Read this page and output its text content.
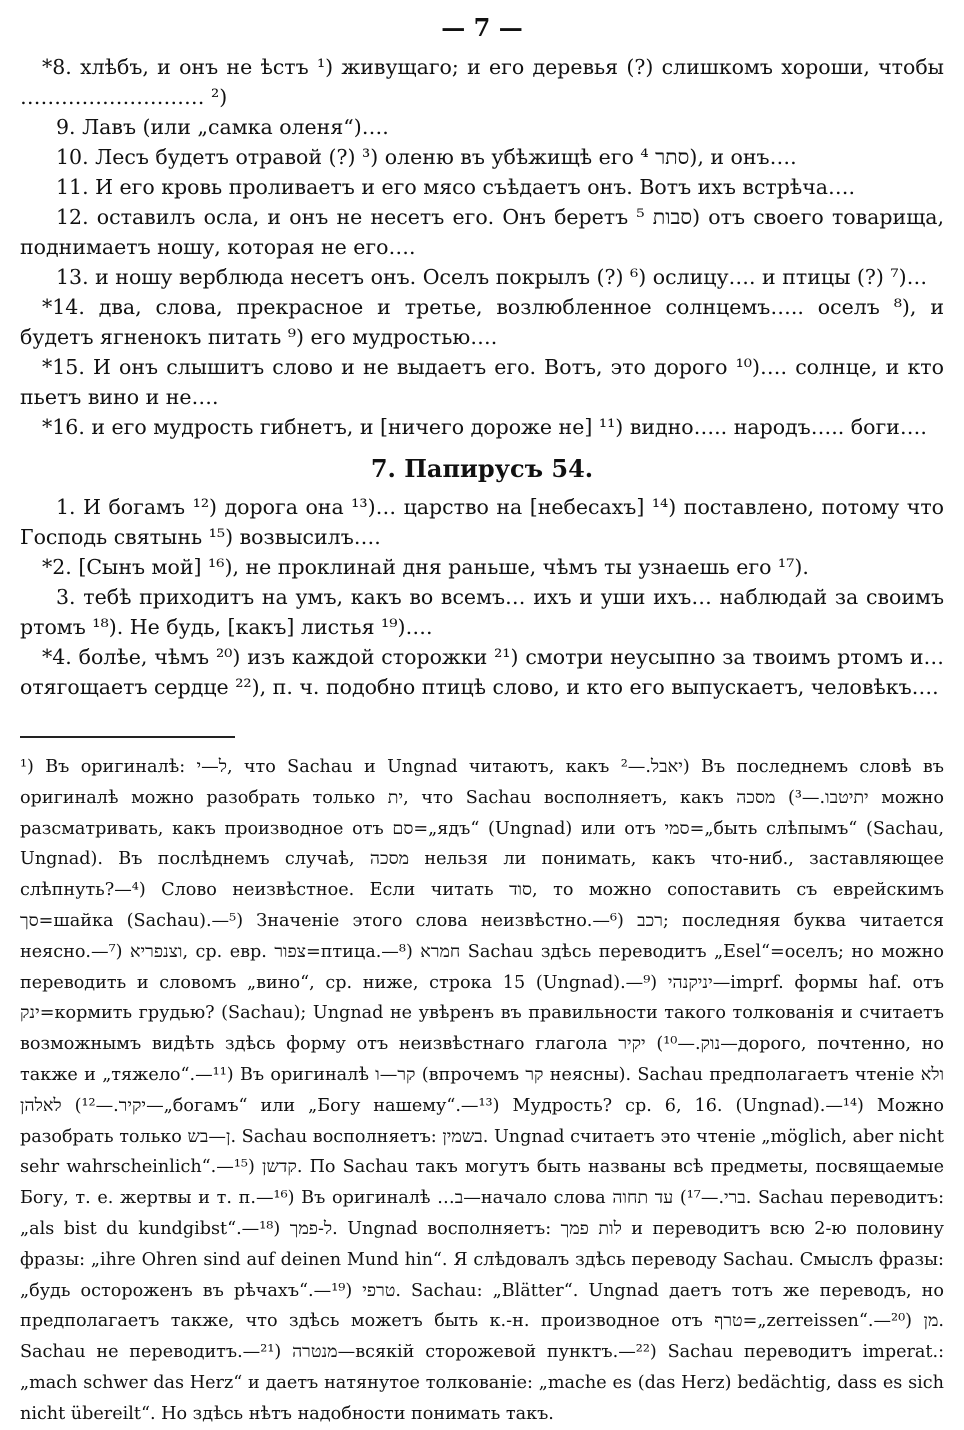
— 7 —

*8. хлѣбъ, и онъ не ѣстъ ¹) живущаго; и его деревья (?) слишкомъ хороши, чтобы ……………………… ²)

9. Лавъ (или „самка оленя“)….

10. Лесъ будетъ отравой (?) ³) оленю въ убѣжищѣ его סתר ⁴), и онъ….

11. И его кровь проливаетъ и его мясо съѣдаетъ онъ. Вотъ ихъ встрѣча….

12. оставилъ осла, и онъ не несетъ его. Онъ беретъ סבות ⁵) отъ своего товарища, поднимаетъ ношу, которая не его….

13. и ношу верблюда несетъ онъ. Оселъ покрылъ (?) ⁶) ослицу…. и птицы (?) ⁷)…

*14. два, слова, прекрасное и третье, возлюбленное солнцемъ….. оселъ ⁸), и будетъ ягненокъ питать ⁹) его мудростью….

*15. И онъ слышитъ слово и не выдаетъ его. Вотъ, это дорого ¹⁰)…. солнце, и кто пьетъ вино и не….

*16. и его мудрость гибнетъ, и [ничего дороже не] ¹¹) видно….. народъ….. боги….

7. Папирусъ 54.

1. И богамъ ¹²) дорога она ¹³)… царство на [небесахъ] ¹⁴) поставлено, потому что Господь святынь ¹⁵) возвысилъ….

*2. [Сынъ мой] ¹⁶), не проклинай дня раньше, чѣмъ ты узнаешь его ¹⁷).

3. тебѣ приходитъ на умъ, какъ во всемъ… ихъ и уши ихъ… наблюдай за своимъ ртомъ ¹⁸). Не будь, [какъ] листья ¹⁹)….

*4. болѣе, чѣмъ ²⁰) изъ каждой сторожки ²¹) смотри неусыпно за твоимъ ртомъ и… отягощаетъ сердце ²²), п. ч. подобно птицѣ слово, и кто его выпускаетъ, человѣкъ….

¹) Въ оригиналѣ: ל—י, что Sachau и Ungnad читаютъ, какъ יאבל.—²) Въ последнемъ словѣ въ оригиналѣ можно разобрать только ית, что Sachau восполняетъ, какъ יתיטבו.—³) מסכה можно разсматривать, какъ производное отъ סם=„ядъ“ (Ungnad) или отъ סמי=„быть слѣпымъ“ (Sachau, Ungnad). Въ послѣднемъ случаѣ, מסכה нельзя ли понимать, какъ что-ниб., заставляющее слѣпнуть?—⁴) Слово неизвѣстное. Если читать סוד, то можно сопоставить съ еврейскимъ סך=шайка (Sachau).—⁵) Значеніе этого слова неизвѣстно.—⁶) רכב; последняя буква читается неясно.—⁷) וצנפריא, ср. евр. צפור=птица.—⁸) חמרא Sachau здѣсь переводитъ „Esel“=оселъ; но можно переводить и словомъ „вино“, ср. ниже, строка 15 (Ungnad).—⁹) יניקנהי—imprf. формы haf. отъ ינק=кормить грудью? (Sachau); Ungnad не увѣренъ въ правильности такого толкованія и считаетъ возможнымъ видѣть здѣсь форму отъ неизвѣстнаго глагола נוק.—¹⁰) יקיר—дорого, почтенно, но также и „тяжело“.—¹¹) Въ оригиналѣ קר—ו (впрочемъ קר неясны). Sachau предполагаетъ чтеніе ולא יקיר.—¹²) לאלהן—„богамъ“ или „Богу нашему“.—¹³) Мудрость? ср. 6, 16. (Ungnad).—¹⁴) Можно разобрать только ן—בש. Sachau восполняетъ: בשמין. Ungnad считаетъ это чтеніе „möglich, aber nicht sehr wahrscheinlich“.—¹⁵) קדשן. По Sachau такъ могутъ быть названы всѣ предметы, посвящаемые Богу, т. е. жертвы и т. п.—¹⁶) Въ оригиналѣ …ב—начало слова ברי.—¹⁷) עד תחוה. Sachau переводитъ: „als bist du kundgibst“.—¹⁸) ל-פמך. Ungnad восполняетъ: לות פמך и переводитъ всю 2-ю половину фразы: „ihre Ohren sind auf deinen Mund hin“. Я слѣдовалъ здѣсь переводу Sachau. Смыслъ фразы: „будь остороженъ въ рѣчахъ“.—¹⁹) טרפי. Sachau: „Blätter“. Ungnad даетъ тотъ же переводъ, но предполагаетъ также, что здѣсь можетъ быть к.-н. производное отъ טרף=„zerreissen“.—²⁰) מן. Sachau не переводитъ.—²¹) מנטרה—всякій сторожевой пунктъ.—²²) Sachau переводитъ imperat.: „mach schwer das Herz“ и даетъ натянутое толкованіе: „mache es (das Herz) bedächtig, dass es sich nicht übereilt“. Но здѣсь нѣтъ надобности понимать такъ.
